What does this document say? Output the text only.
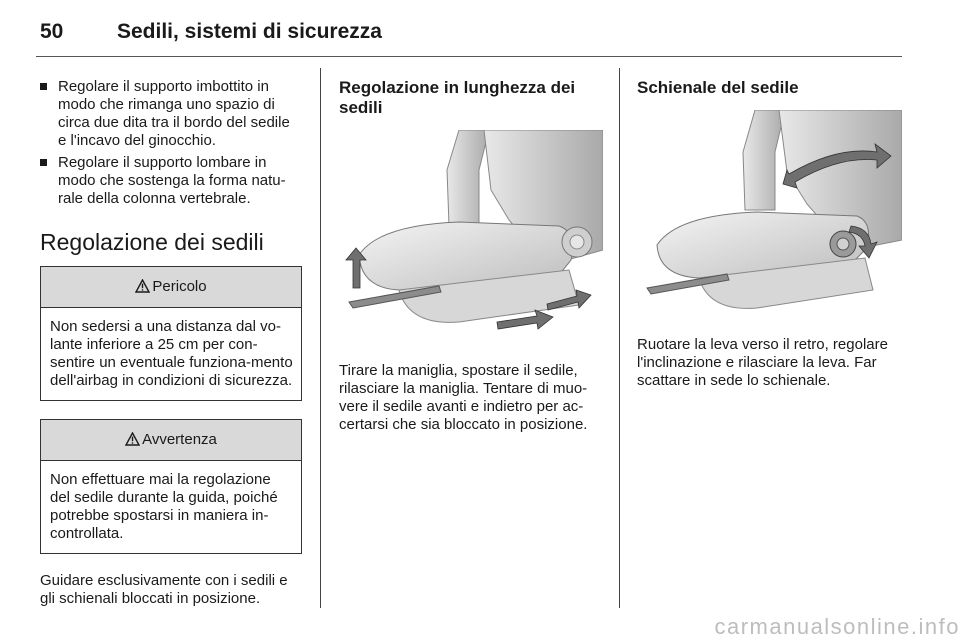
50	Sedili, sistemi di sicurezza
Regolare il supporto imbottito in modo che rimanga uno spazio di circa due dita tra il bordo del sedile e l'incavo del ginocchio.
Regolare il supporto lombare in modo che sostenga la forma natu-rale della colonna vertebrale.
Regolazione dei sedili
Pericolo
Non sedersi a una distanza dal vo-lante inferiore a 25 cm per con-sentire un eventuale funziona-mento dell'airbag in condizioni di sicurezza.
Avvertenza
Non effettuare mai la regolazione del sedile durante la guida, poiché potrebbe spostarsi in maniera in-controllata.

Guidare esclusivamente con i sedili e gli schienali bloccati in posizione.

Regolazione in lunghezza dei sedili

Tirare la maniglia, spostare il sedile, rilasciare la maniglia. Tentare di muo-vere il sedile avanti e indietro per ac-certarsi che sia bloccato in posizione.

Schienale del sedile

Ruotare la leva verso il retro, regolare l'inclinazione e rilasciare la leva. Far scattare in sede lo schienale.

carmanualsonline.info
